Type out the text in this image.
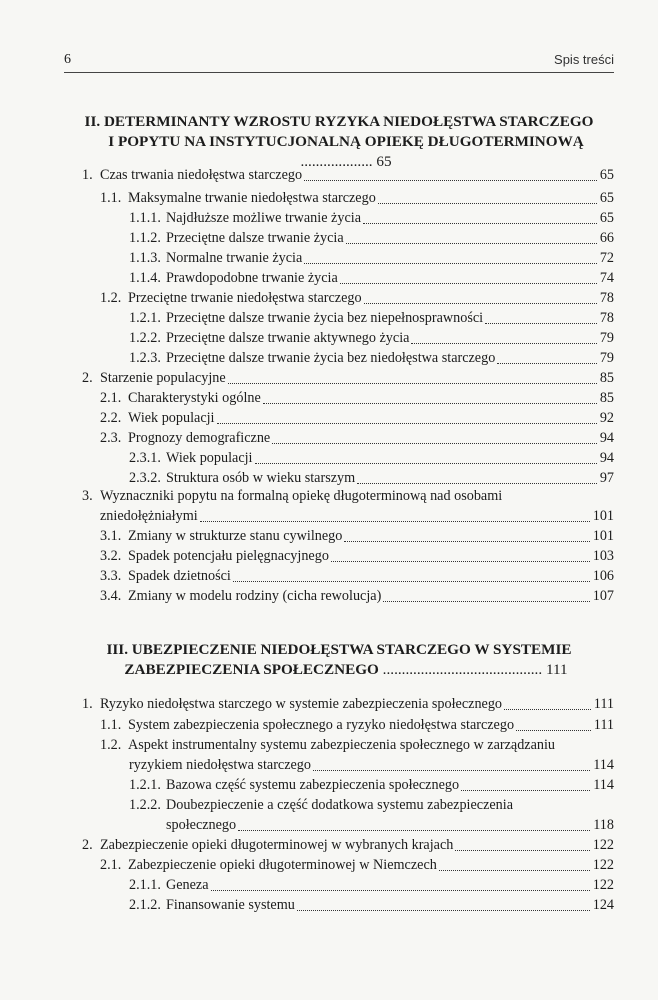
6	Spis treści
II. DETERMINANTY WZROSTU RYZYKA NIEDOŁĘSTWA STARCZEGO
I POPYTU NA INSTYTUCJONALNĄ OPIEKĘ DŁUGOTERMINOWĄ ................... 65
1. Czas trwania niedołęstwa starczego	65
1.1. Maksymalne trwanie niedołęstwa starczego	65
1.1.1. Najdłuższe możliwe trwanie życia	65
1.1.2. Przeciętne dalsze trwanie życia	66
1.1.3. Normalne trwanie życia	72
1.1.4. Prawdopodobne trwanie życia	74
1.2. Przeciętne trwanie niedołęstwa starczego	78
1.2.1. Przeciętne dalsze trwanie życia bez niepełnosprawności	78
1.2.2. Przeciętne dalsze trwanie aktywnego życia	79
1.2.3. Przeciętne dalsze trwanie życia bez niedołęstwa starczego	79
2. Starzenie populacyjne	85
2.1. Charakterystyki ogólne	85
2.2. Wiek populacji	92
2.3. Prognozy demograficzne	94
2.3.1. Wiek populacji	94
2.3.2. Struktura osób w wieku starszym	97
3. Wyznaczniki popytu na formalną opiekę długoterminową nad osobami
zniedołężniałymi	101
3.1. Zmiany w strukturze stanu cywilnego	101
3.2. Spadek potencjału pielęgnacyjnego	103
3.3. Spadek dzietności	106
3.4. Zmiany w modelu rodziny (cicha rewolucja)	107
III. UBEZPIECZENIE NIEDOŁĘSTWA STARCZEGO W SYSTEMIE
ZABEZPIECZENIA SPOŁECZNEGO .......................................... 111
1. Ryzyko niedołęstwa starczego w systemie zabezpieczenia społecznego	111
1.1. System zabezpieczenia społecznego a ryzyko niedołęstwa starczego	111
1.2. Aspekt instrumentalny systemu zabezpieczenia społecznego w zarządzaniu
ryzykiem niedołęstwa starczego	114
1.2.1. Bazowa część systemu zabezpieczenia społecznego	114
1.2.2. Doubezpieczenie a część dodatkowa systemu zabezpieczenia
społecznego	118
2. Zabezpieczenie opieki długoterminowej w wybranych krajach	122
2.1. Zabezpieczenie opieki długoterminowej w Niemczech	122
2.1.1. Geneza	122
2.1.2. Finansowanie systemu	124
